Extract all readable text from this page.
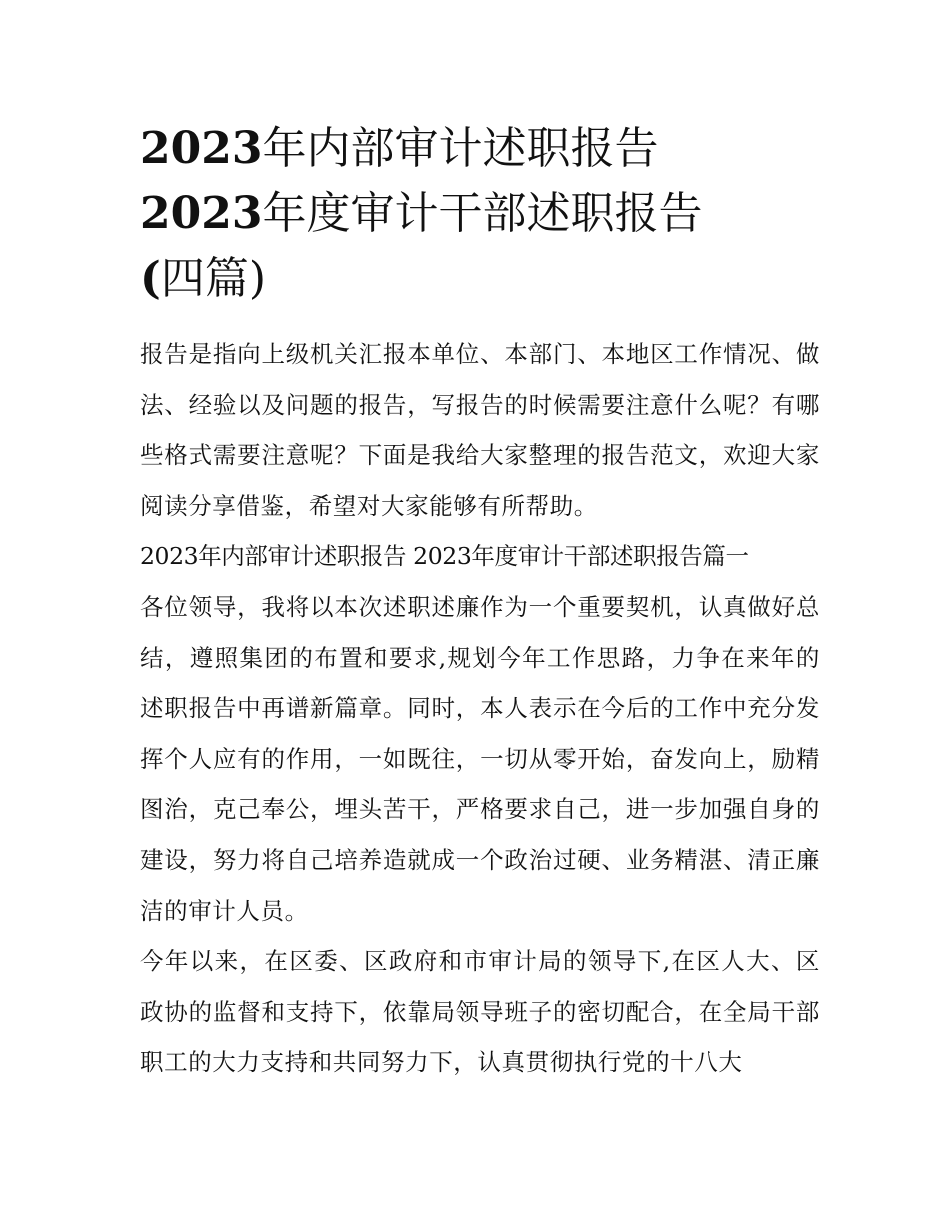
2023年内部审计述职报告
2023年度审计干部述职报告
(四篇)

报告是指向上级机关汇报本单位、本部门、本地区工作情况、做法、经验以及问题的报告，写报告的时候需要注意什么呢？有哪些格式需要注意呢？下面是我给大家整理的报告范文，欢迎大家阅读分享借鉴，希望对大家能够有所帮助。

2023年内部审计述职报告 2023年度审计干部述职报告篇一

各位领导，我将以本次述职述廉作为一个重要契机，认真做好总结，遵照集团的布置和要求,规划今年工作思路，力争在来年的述职报告中再谱新篇章。同时，本人表示在今后的工作中充分发挥个人应有的作用，一如既往，一切从零开始，奋发向上，励精图治，克己奉公，埋头苦干，严格要求自己，进一步加强自身的建设，努力将自己培养造就成一个政治过硬、业务精湛、清正廉洁的审计人员。

今年以来，在区委、区政府和市审计局的领导下,在区人大、区政协的监督和支持下，依靠局领导班子的密切配合，在全局干部职工的大力支持和共同努力下，认真贯彻执行党的十八大
